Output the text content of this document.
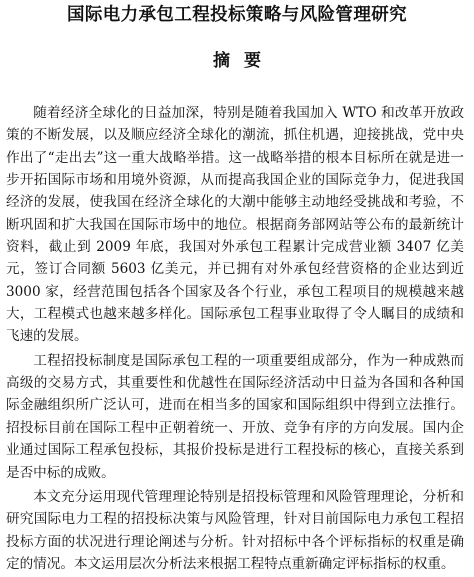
国际电力承包工程投标策略与风险管理研究
摘要

随着经济全球化的日益加深，特别是随着我国加入 WTO 和改革开放政策的不断发展，以及顺应经济全球化的潮流，抓住机遇，迎接挑战，党中央作出了“走出去”这一重大战略举措。这一战略举措的根本目标所在就是进一步开拓国际市场和用境外资源，从而提高我国企业的国际竞争力，促进我国经济的发展，使我国在经济全球化的大潮中能够主动地经受挑战和考验，不断巩固和扩大我国在国际市场中的地位。根据商务部网站等公布的最新统计资料，截止到 2009 年底，我国对外承包工程累计完成营业额 3407 亿美元，签订合同额 5603 亿美元，并已拥有对外承包经营资格的企业达到近 3000 家，经营范围包括各个国家及各个行业，承包工程项目的规模越来越大，工程模式也越来越多样化。国际承包工程事业取得了令人瞩目的成绩和飞速的发展。

工程招投标制度是国际承包工程的一项重要组成部分，作为一种成熟而高级的交易方式，其重要性和优越性在国际经济活动中日益为各国和各种国际金融组织所广泛认可，进而在相当多的国家和国际组织中得到立法推行。招投标目前在国际工程中正朝着统一、开放、竞争有序的方向发展。国内企业通过国际工程承包投标，其报价投标是进行工程投标的核心，直接关系到是否中标的成败。

本文充分运用现代管理理论特别是招投标管理和风险管理理论，分析和研究国际电力工程的招投标决策与风险管理，针对目前国际电力承包工程招投标方面的状况进行理论阐述与分析。针对招标中各个评标指标的权重是确定的情况。本文运用层次分析法来根据工程特点重新确定评标指标的权重。
